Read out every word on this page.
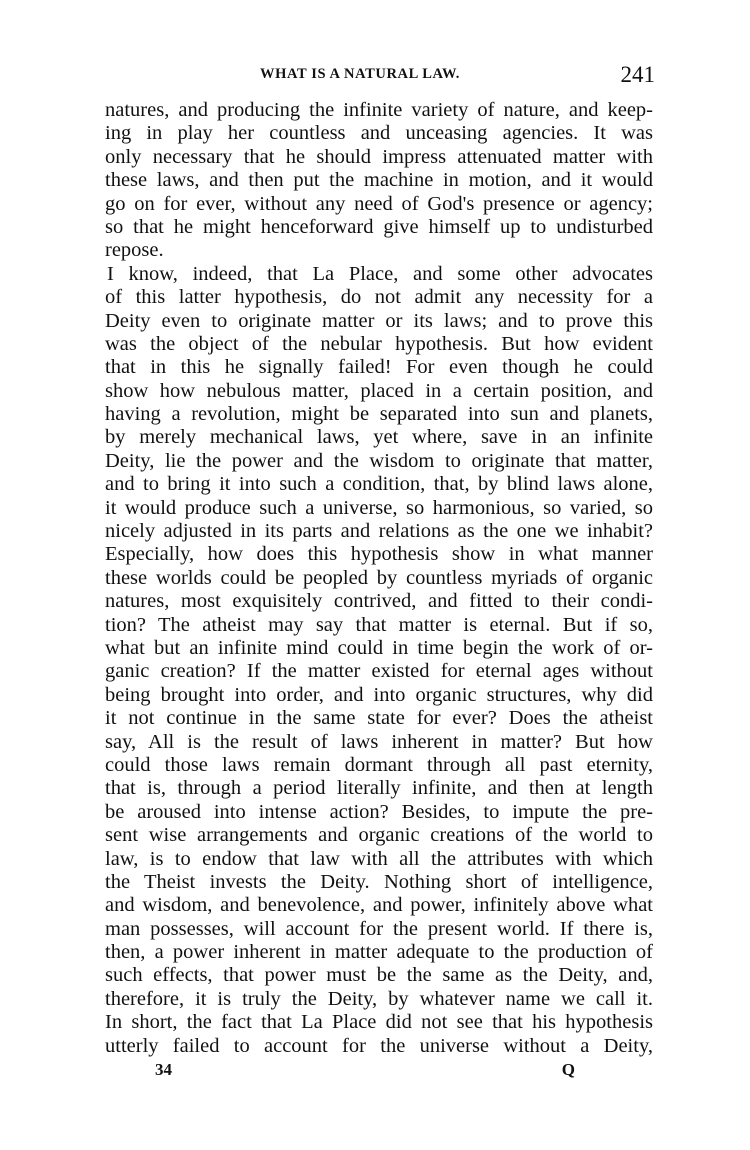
WHAT IS A NATURAL LAW.	241
natures, and producing the infinite variety of nature, and keep-
ing in play her countless and unceasing agencies. It was
only necessary that he should impress attenuated matter with
these laws, and then put the machine in motion, and it would
go on for ever, without any need of God's presence or agency;
so that he might henceforward give himself up to undisturbed
repose.
I know, indeed, that La Place, and some other advocates
of this latter hypothesis, do not admit any necessity for a
Deity even to originate matter or its laws; and to prove this
was the object of the nebular hypothesis. But how evident
that in this he signally failed! For even though he could
show how nebulous matter, placed in a certain position, and
having a revolution, might be separated into sun and planets,
by merely mechanical laws, yet where, save in an infinite
Deity, lie the power and the wisdom to originate that matter,
and to bring it into such a condition, that, by blind laws alone,
it would produce such a universe, so harmonious, so varied, so
nicely adjusted in its parts and relations as the one we inhabit?
Especially, how does this hypothesis show in what manner
these worlds could be peopled by countless myriads of organic
natures, most exquisitely contrived, and fitted to their condi-
tion? The atheist may say that matter is eternal. But if so,
what but an infinite mind could in time begin the work of or-
ganic creation? If the matter existed for eternal ages without
being brought into order, and into organic structures, why did
it not continue in the same state for ever? Does the atheist
say, All is the result of laws inherent in matter? But how
could those laws remain dormant through all past eternity,
that is, through a period literally infinite, and then at length
be aroused into intense action? Besides, to impute the pre-
sent wise arrangements and organic creations of the world to
law, is to endow that law with all the attributes with which
the Theist invests the Deity. Nothing short of intelligence,
and wisdom, and benevolence, and power, infinitely above what
man possesses, will account for the present world. If there is,
then, a power inherent in matter adequate to the production of
such effects, that power must be the same as the Deity, and,
therefore, it is truly the Deity, by whatever name we call it.
In short, the fact that La Place did not see that his hypothesis
utterly failed to account for the universe without a Deity,
34	Q
